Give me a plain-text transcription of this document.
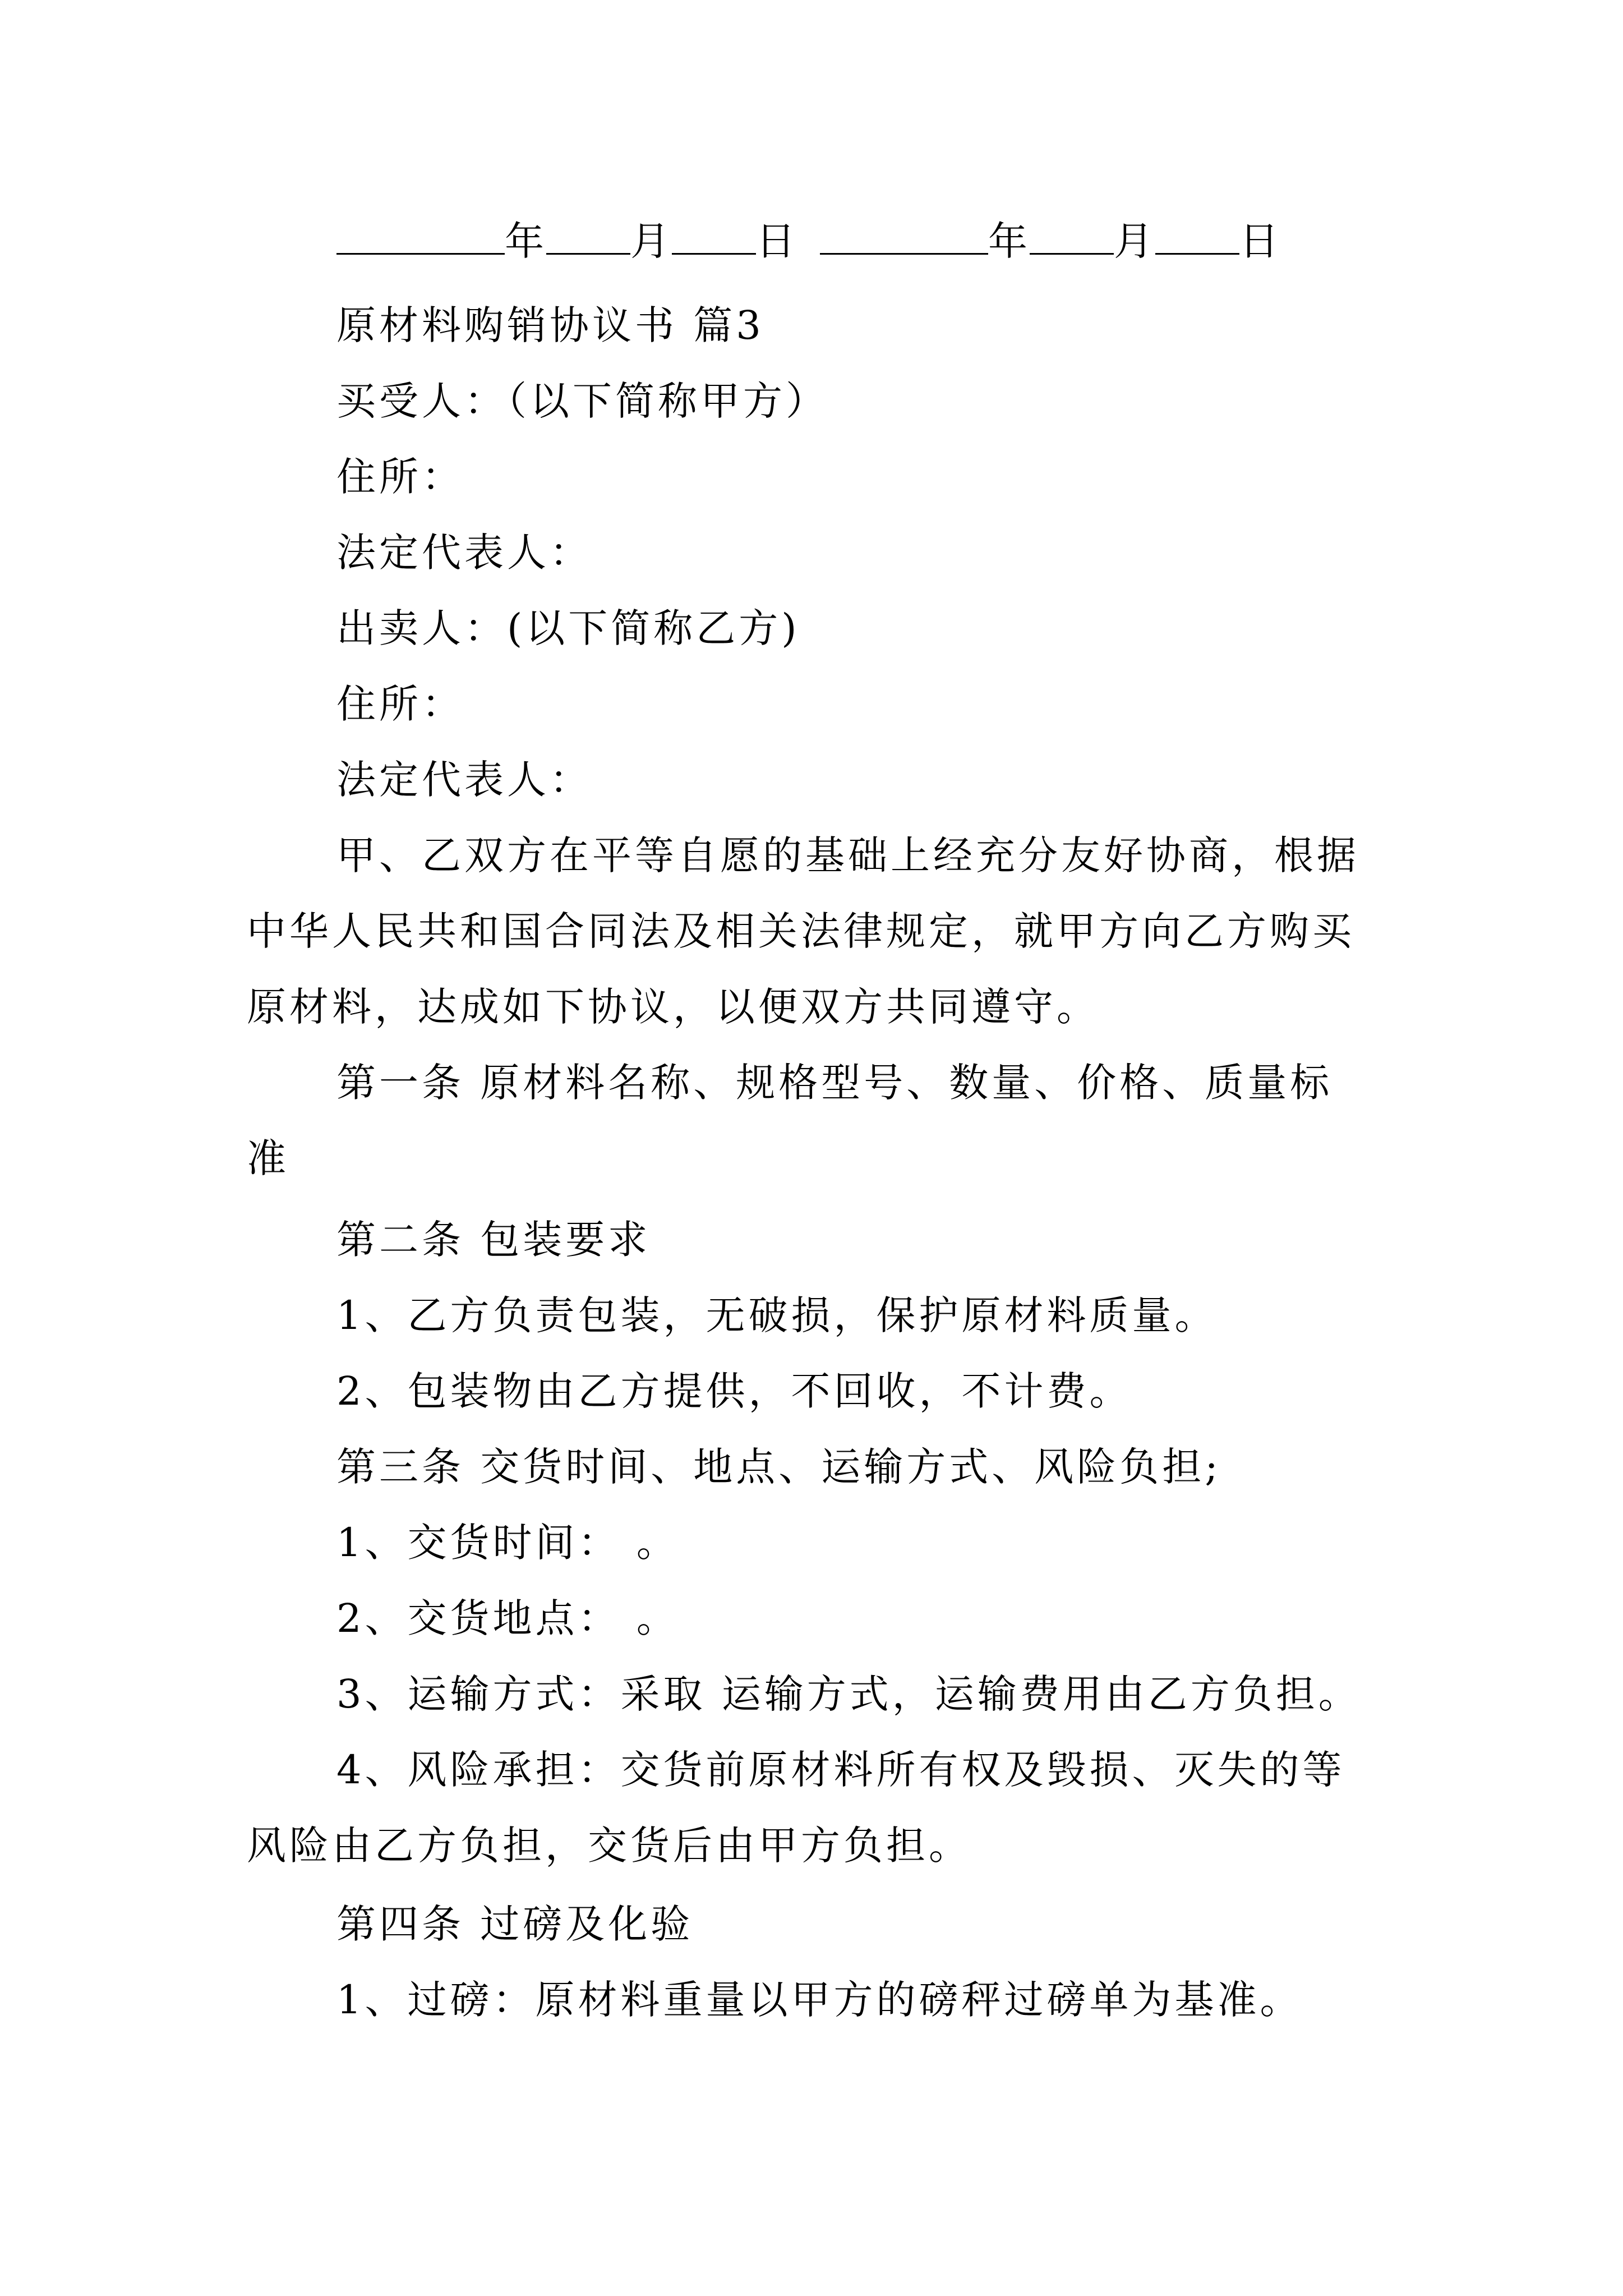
年 月 日	年 月 日
原材料购销协议书 篇3
买受人：（以下简称甲方）
住所：
法定代表人：
出卖人：(以下简称乙方)
住所：
法定代表人：
甲、乙双方在平等自愿的基础上经充分友好协商，根据
中华人民共和国合同法及相关法律规定，就甲方向乙方购买
原材料，达成如下协议，以便双方共同遵守。
第一条 原材料名称、规格型号、数量、价格、质量标
准
第二条 包装要求
1、乙方负责包装，无破损，保护原材料质量。
2、包装物由乙方提供，不回收，不计费。
第三条 交货时间、地点、运输方式、风险负担;
1、交货时间： 。
2、交货地点： 。
3、运输方式：采取 运输方式，运输费用由乙方负担。
4、风险承担：交货前原材料所有权及毁损、灭失的等
风险由乙方负担，交货后由甲方负担。
第四条 过磅及化验
1、过磅：原材料重量以甲方的磅秤过磅单为基准。
